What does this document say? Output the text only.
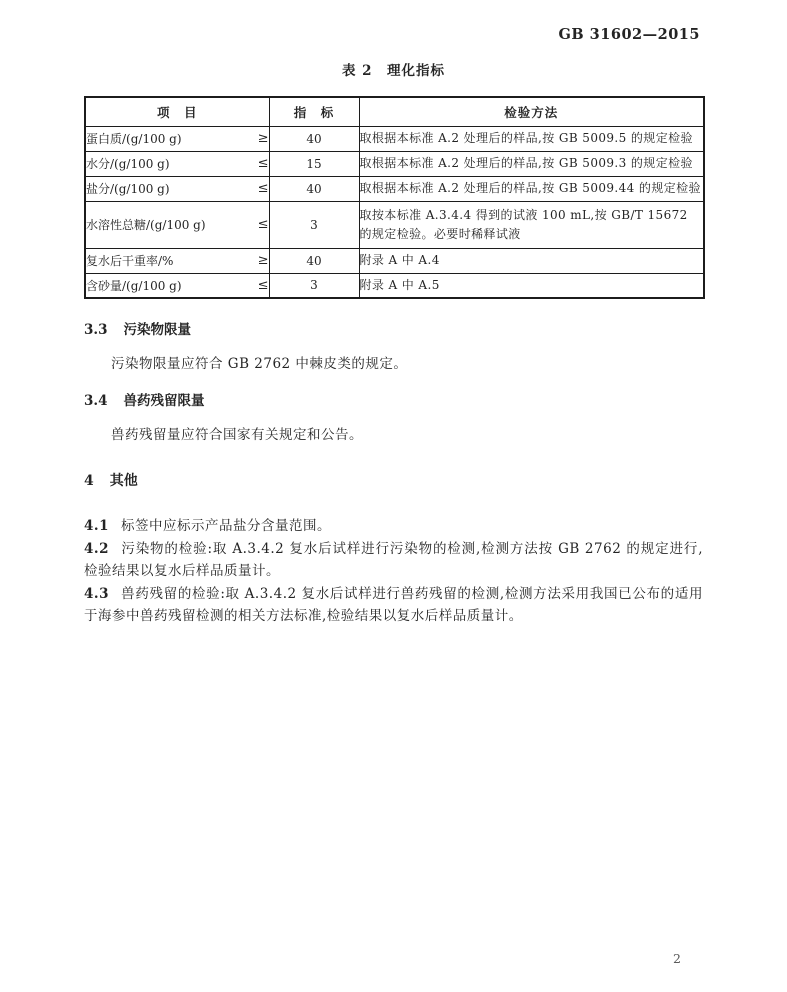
GB 31602—2015
表 2　理化指标
项　目	指　标	检验方法

蛋白质/(g/100 g) ≥	40	取根据本标准 A.2 处理后的样品,按 GB 5009.5 的规定检验

水分/(g/100 g) ≤	15	取根据本标准 A.2 处理后的样品,按 GB 5009.3 的规定检验

盐分/(g/100 g) ≤	40	取根据本标准 A.2 处理后的样品,按 GB 5009.44 的规定检验

水溶性总糖/(g/100 g) ≤	3	取按本标准 A.3.4.4 得到的试液 100 mL,按 GB/T 15672 的规定检验。必要时稀释试液

复水后干重率/% ≥	40	附录 A 中 A.4

含砂量/(g/100 g) ≤	3	附录 A 中 A.5
3.3 污染物限量

污染物限量应符合 GB 2762 中棘皮类的规定。

3.4 兽药残留限量

兽药残留量应符合国家有关规定和公告。

4 其他

4.1 标签中应标示产品盐分含量范围。

4.2 污染物的检验:取 A.3.4.2 复水后试样进行污染物的检测,检测方法按 GB 2762 的规定进行,检验结果以复水后样品质量计。

4.3 兽药残留的检验:取 A.3.4.2 复水后试样进行兽药残留的检测,检测方法采用我国已公布的适用于海参中兽药残留检测的相关方法标准,检验结果以复水后样品质量计。

2
